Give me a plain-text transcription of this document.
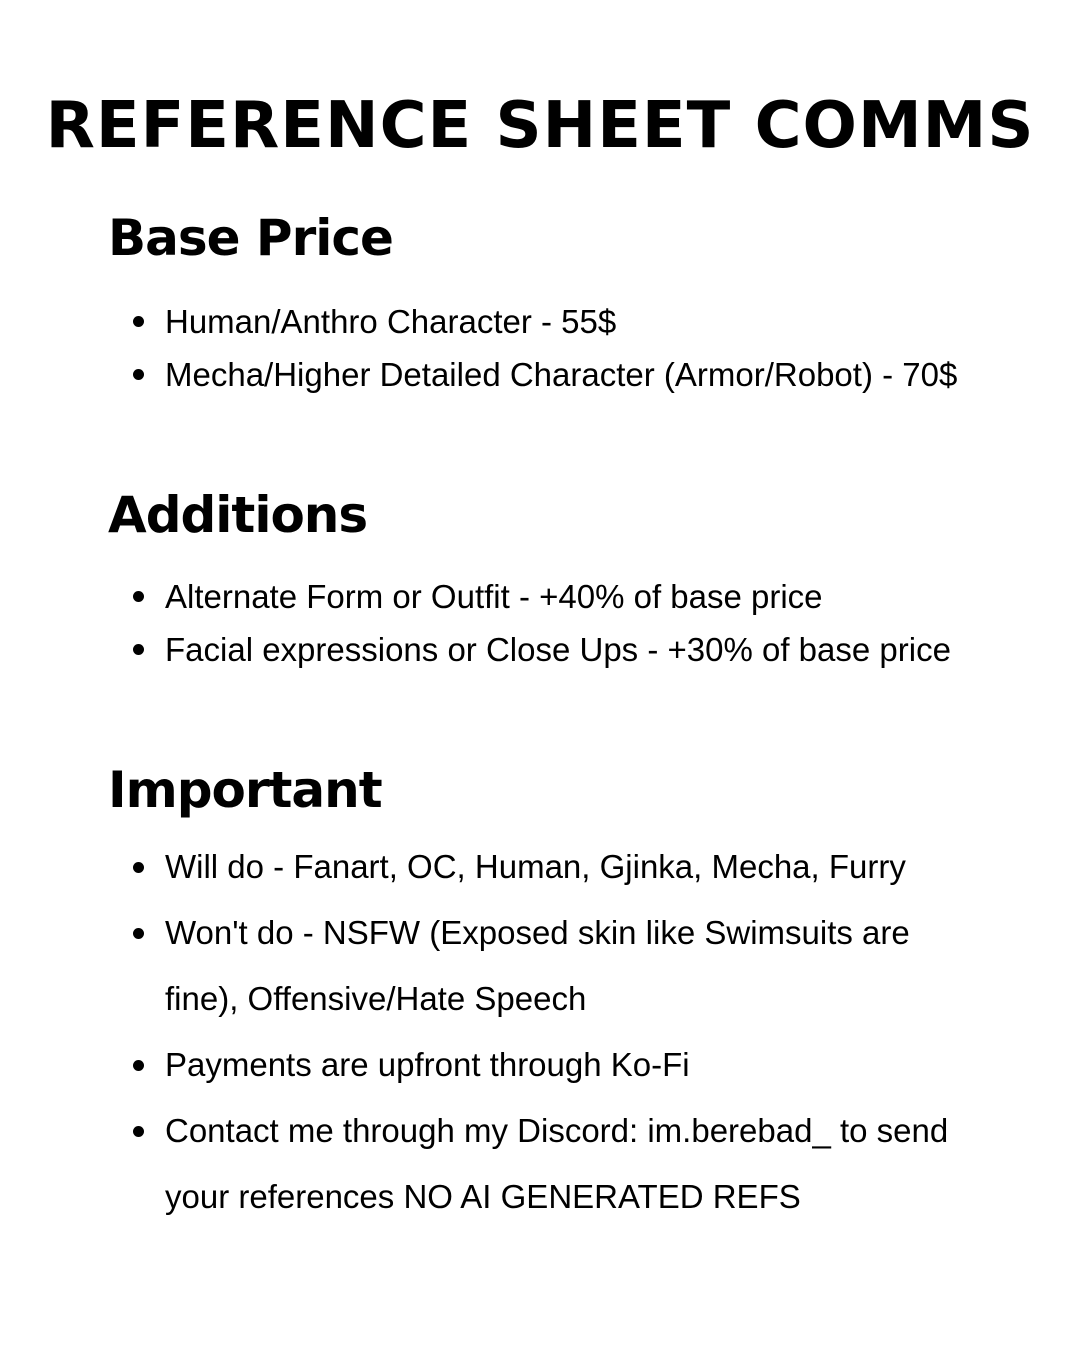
REFERENCE SHEET COMMS
Base Price
Human/Anthro Character - 55$
Mecha/Higher Detailed Character (Armor/Robot) - 70$
Additions
Alternate Form or Outfit - +40% of base price
Facial expressions or Close Ups - +30% of base price
Important
Will do - Fanart, OC, Human, Gjinka, Mecha, Furry
Won't do - NSFW (Exposed skin like Swimsuits are fine), Offensive/Hate Speech
Payments are upfront through Ko-Fi
Contact me through my Discord: im.berebad_ to send your references NO AI GENERATED REFS
